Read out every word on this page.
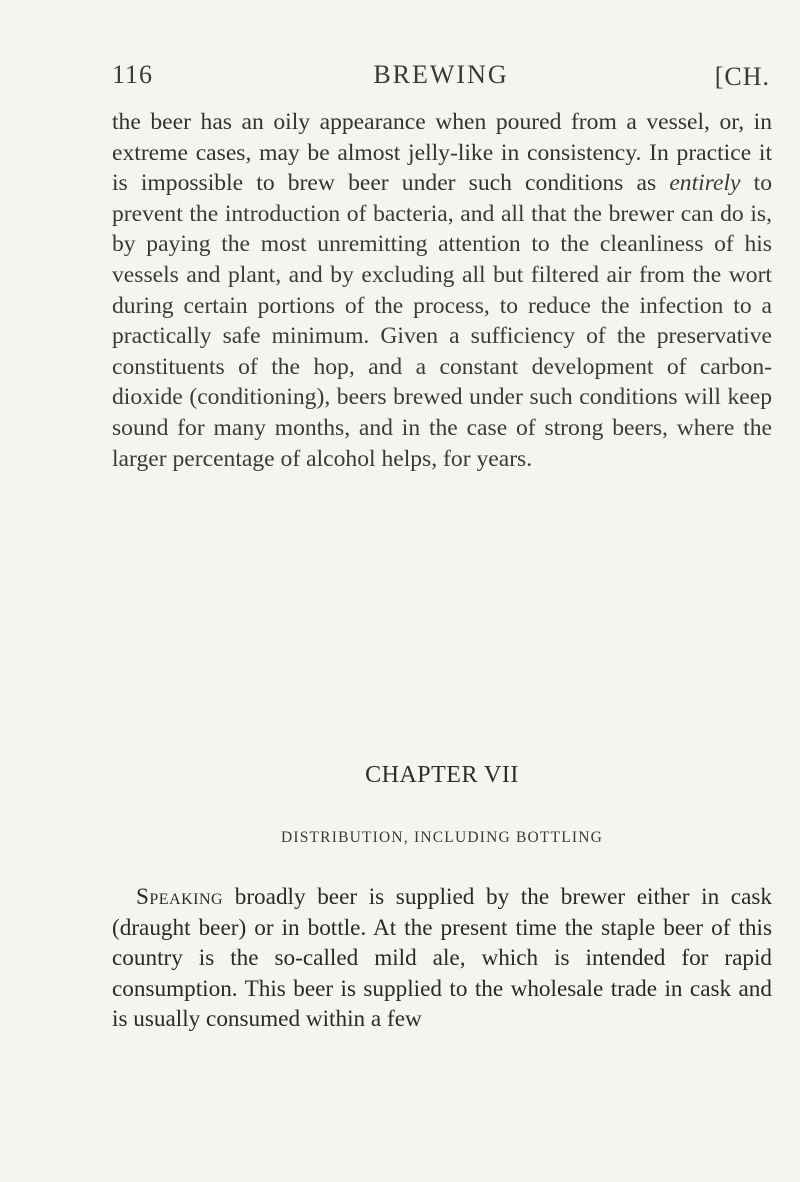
116	BREWING	[CH.

the beer has an oily appearance when poured from a vessel, or, in extreme cases, may be almost jelly-like in consistency. In practice it is impossible to brew beer under such conditions as entirely to prevent the introduction of bacteria, and all that the brewer can do is, by paying the most unremitting attention to the cleanliness of his vessels and plant, and by excluding all but filtered air from the wort during certain portions of the process, to reduce the infection to a practically safe minimum. Given a sufficiency of the preservative constituents of the hop, and a constant development of carbon-dioxide (conditioning), beers brewed under such conditions will keep sound for many months, and in the case of strong beers, where the larger percentage of alcohol helps, for years.

CHAPTER VII
DISTRIBUTION, INCLUDING BOTTLING

Speaking broadly beer is supplied by the brewer either in cask (draught beer) or in bottle. At the present time the staple beer of this country is the so-called mild ale, which is intended for rapid consumption. This beer is supplied to the wholesale trade in cask and is usually consumed within a few
